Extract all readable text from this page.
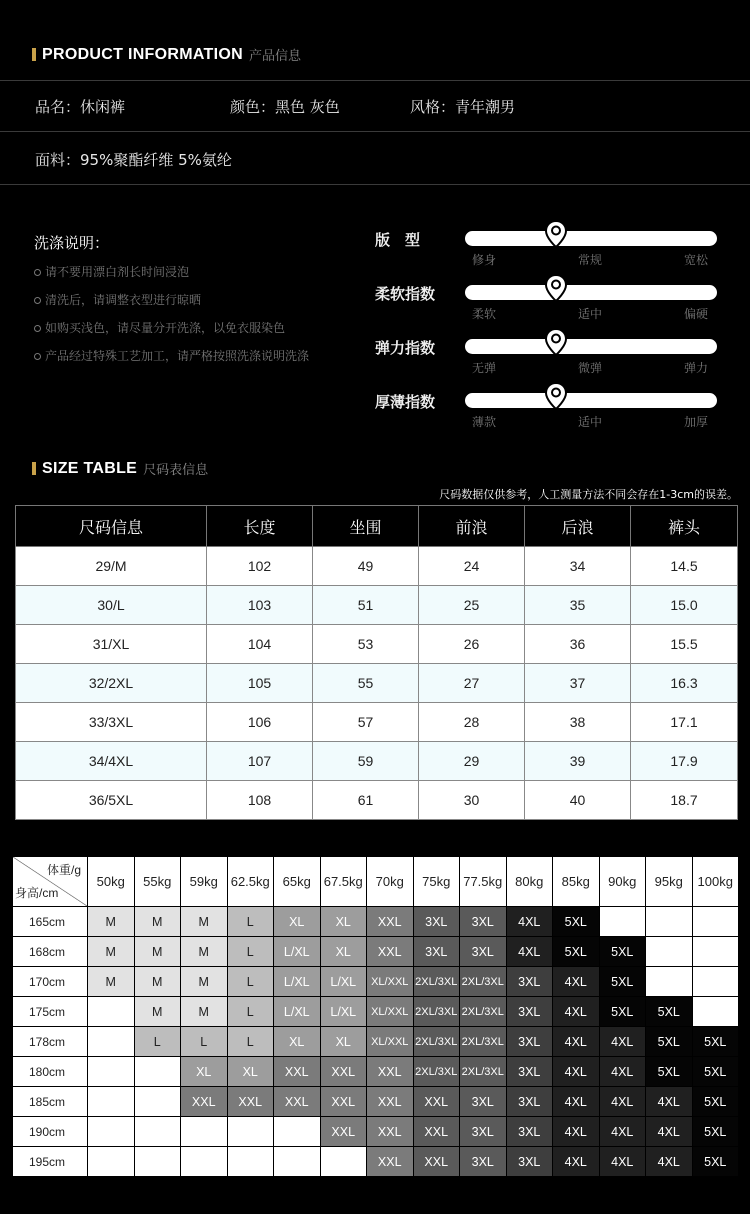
PRODUCT INFORMATION 产品信息
品名：休闲裤	颜色：黑色 灰色	风格：青年潮男
面料：95%聚酯纤维 5%氨纶
洗涤说明：
请不要用漂白剂长时间浸泡
清洗后，请调整衣型进行晾晒
如购买浅色，请尽量分开洗涤，以免衣服染色
产品经过特殊工艺加工，请严格按照洗涤说明洗涤
版　型
修身	常规	宽松
柔软指数
柔软	适中	偏硬
弹力指数
无弹	微弹	弹力
厚薄指数
薄款	适中	加厚
SIZE TABLE 尺码表信息
尺码数据仅供参考，人工测量方法不同会存在1-3cm的误差。
尺码信息	长度	坐围	前浪	后浪	裤头
29/M	102	49	24	34	14.5
30/L	103	51	25	35	15.0
31/XL	104	53	26	36	15.5
32/2XL	105	55	27	37	16.3
33/3XL	106	57	28	38	17.1
34/4XL	107	59	29	39	17.9
36/5XL	108	61	30	40	18.7
体重/g
身高/cm	50kg	55kg	59kg	62.5kg	65kg	67.5kg	70kg	75kg	77.5kg	80kg	85kg	90kg	95kg	100kg
165cm	M	M	M	L	XL	XL	XXL	3XL	3XL	4XL	5XL			
168cm	M	M	M	L	L/XL	XL	XXL	3XL	3XL	4XL	5XL	5XL		
170cm	M	M	M	L	L/XL	L/XL	XL/XXL	2XL/3XL	2XL/3XL	3XL	4XL	5XL		
175cm		M	M	L	L/XL	L/XL	XL/XXL	2XL/3XL	2XL/3XL	3XL	4XL	5XL	5XL	
178cm		L	L	L	XL	XL	XL/XXL	2XL/3XL	2XL/3XL	3XL	4XL	4XL	5XL	5XL
180cm			XL	XL	XXL	XXL	XXL	2XL/3XL	2XL/3XL	3XL	4XL	4XL	5XL	5XL
185cm			XXL	XXL	XXL	XXL	XXL	XXL	3XL	3XL	4XL	4XL	4XL	5XL
190cm						XXL	XXL	XXL	3XL	3XL	4XL	4XL	4XL	5XL
195cm							XXL	XXL	3XL	3XL	4XL	4XL	4XL	5XL
